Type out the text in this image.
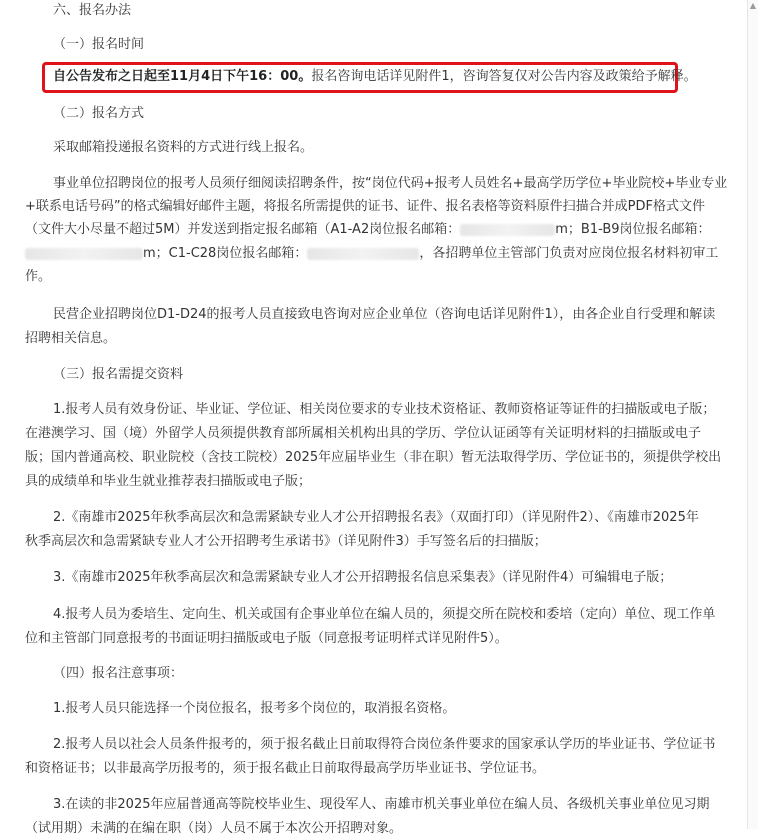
六、报名办法
（一）报名时间
自公告发布之日起至11月4日下午16：00。报名咨询电话详见附件1，咨询答复仅对公告内容及政策给予解释。
（二）报名方式
采取邮箱投递报名资料的方式进行线上报名。
事业单位招聘岗位的报考人员须仔细阅读招聘条件，按“岗位代码+报考人员姓名+最高学历学位+毕业院校+毕业专业
+联系电话号码”的格式编辑好邮件主题，将报名所需提供的证书、证件、报名表格等资料原件扫描合并成PDF格式文件
（文件大小尽量不超过5M）并发送到指定报名邮箱（A1-A2岗位报名邮箱：	m；B1-B9岗位报名邮箱：
m；C1-C28岗位报名邮箱：	，各招聘单位主管部门负责对应岗位报名材料初审工
作。
民营企业招聘岗位D1-D24的报考人员直接致电咨询对应企业单位（咨询电话详见附件1），由各企业自行受理和解读
招聘相关信息。
（三）报名需提交资料
1.报考人员有效身份证、毕业证、学位证、相关岗位要求的专业技术资格证、教师资格证等证件的扫描版或电子版；
在港澳学习、国（境）外留学人员须提供教育部所属相关机构出具的学历、学位认证函等有关证明材料的扫描版或电子
版；国内普通高校、职业院校（含技工院校）2025年应届毕业生（非在职）暂无法取得学历、学位证书的，须提供学校出
具的成绩单和毕业生就业推荐表扫描版或电子版；
2.《南雄市2025年秋季高层次和急需紧缺专业人才公开招聘报名表》（双面打印）（详见附件2）、《南雄市2025年
秋季高层次和急需紧缺专业人才公开招聘考生承诺书》（详见附件3）手写签名后的扫描版；
3.《南雄市2025年秋季高层次和急需紧缺专业人才公开招聘报名信息采集表》（详见附件4）可编辑电子版；
4.报考人员为委培生、定向生、机关或国有企事业单位在编人员的，须提交所在院校和委培（定向）单位、现工作单
位和主管部门同意报考的书面证明扫描版或电子版（同意报考证明样式详见附件5）。
（四）报名注意事项：
1.报考人员只能选择一个岗位报名，报考多个岗位的，取消报名资格。
2.报考人员以社会人员条件报考的，须于报名截止日前取得符合岗位条件要求的国家承认学历的毕业证书、学位证书
和资格证书；以非最高学历报考的，须于报名截止日前取得最高学历毕业证书、学位证书。
3.在读的非2025年应届普通高等院校毕业生、现役军人、南雄市机关事业单位在编人员、各级机关事业单位见习期
（试用期）未满的在编在职（岗）人员不属于本次公开招聘对象。
▲
